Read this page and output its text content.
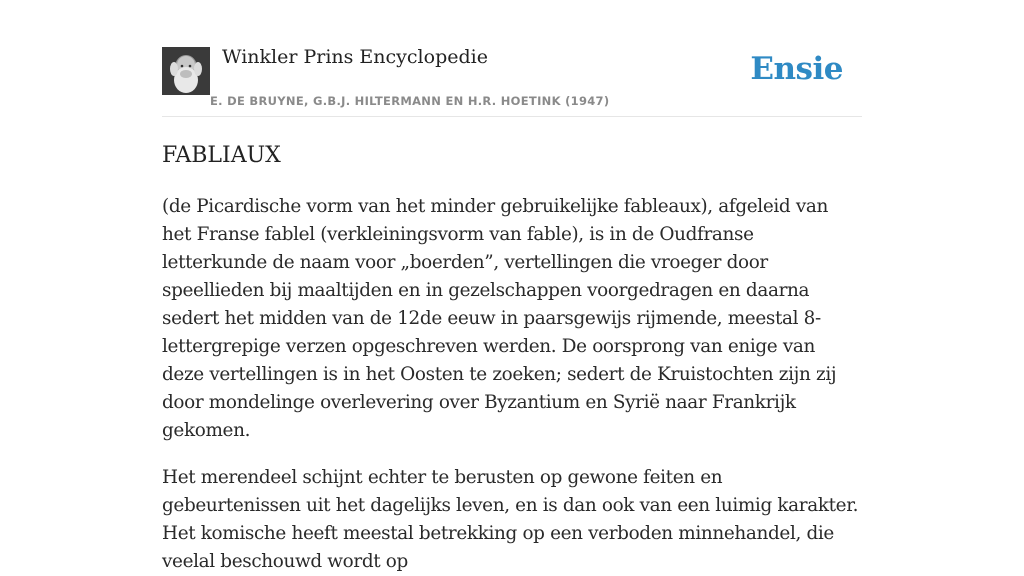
Winkler Prins Encyclopedie
E. DE BRUYNE, G.B.J. HILTERMANN EN H.R. HOETINK (1947)
Ensie
FABLIAUX

(de Picardische vorm van het minder gebruikelijke fableaux), afgeleid van het Franse fablel (verkleiningsvorm van fable), is in de Oudfranse letterkunde de naam voor „boerden”, vertellingen die vroeger door speellieden bij maaltijden en in gezelschappen voorgedragen en daarna sedert het midden van de 12de eeuw in paarsgewijs rijmende, meestal 8-lettergrepige verzen opgeschreven werden. De oorsprong van enige van deze vertellingen is in het Oosten te zoeken; sedert de Kruistochten zijn zij door mondelinge overlevering over Byzantium en Syrië naar Frankrijk gekomen.

Het merendeel schijnt echter te berusten op gewone feiten en gebeurtenissen uit het dagelijks leven, en is dan ook van een luimig karakter. Het komische heeft meestal betrekking op een verboden minnehandel, die veelal beschouwd wordt op
